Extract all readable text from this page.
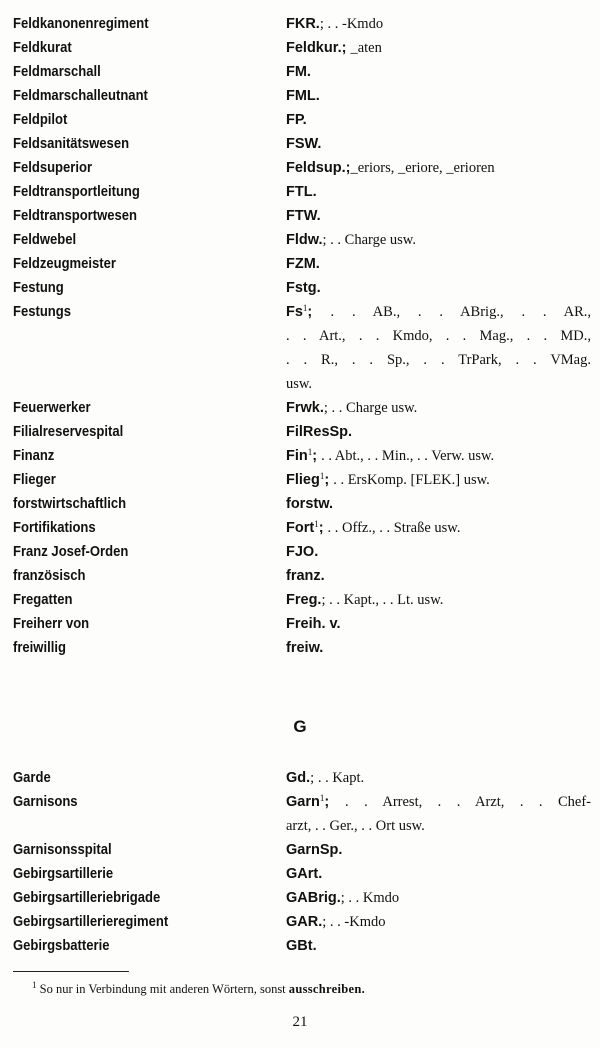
Feldkanonenregiment	FKR.; . . -Kmdo
Feldkurat	Feldkur.; _aten
Feldmarschall	FM.
Feldmarschalleutnant	FML.
Feldpilot	FP.
Feldsanitätswesen	FSW.
Feldsuperior	Feldsup.;_eriors, _eriore, _erioren
Feldtransportleitung	FTL.
Feldtransportwesen	FTW.
Feldwebel	Fldw.; . . Charge usw.
Feldzeugmeister	FZM.
Festung	Fstg.
Festungs	Fs$^1$; . . AB., . . ABrig., . . AR.,
. . Art., . . Kmdo, . . Mag., . . MD.,
. . R., . . Sp., . . TrPark, . . VMag.
usw.
Feuerwerker	Frwk.; . . Charge usw.
Filialreservespital	FilResSp.
Finanz	Fin$^1$; . . Abt., . . Min., . . Verw. usw.
Flieger	Flieg$^1$; . . ErsKomp. [FLEK.] usw.
forstwirtschaftlich	forstw.
Fortifikations	Fort$^1$; . . Offz., . . Straße usw.
Franz Josef-Orden	FJO.
französisch	franz.
Fregatten	Freg.; . . Kapt., . . Lt. usw.
Freiherr von	Freih. v.
freiwillig	freiw.
G
Garde	Gd.; . . Kapt.
Garnisons	Garn$^1$; . . Arrest, . . Arzt, . . Chef-
arzt, . . Ger., . . Ort usw.
Garnisonsspital	GarnSp.
Gebirgsartillerie	GArt.
Gebirgsartilleriebrigade	GABrig.; . . Kmdo
Gebirgsartillerieregiment	GAR.; . . -Kmdo
Gebirgsbatterie	GBt.
$^1$ So nur in Verbindung mit anderen Wörtern, sonst ausschreiben.
21
